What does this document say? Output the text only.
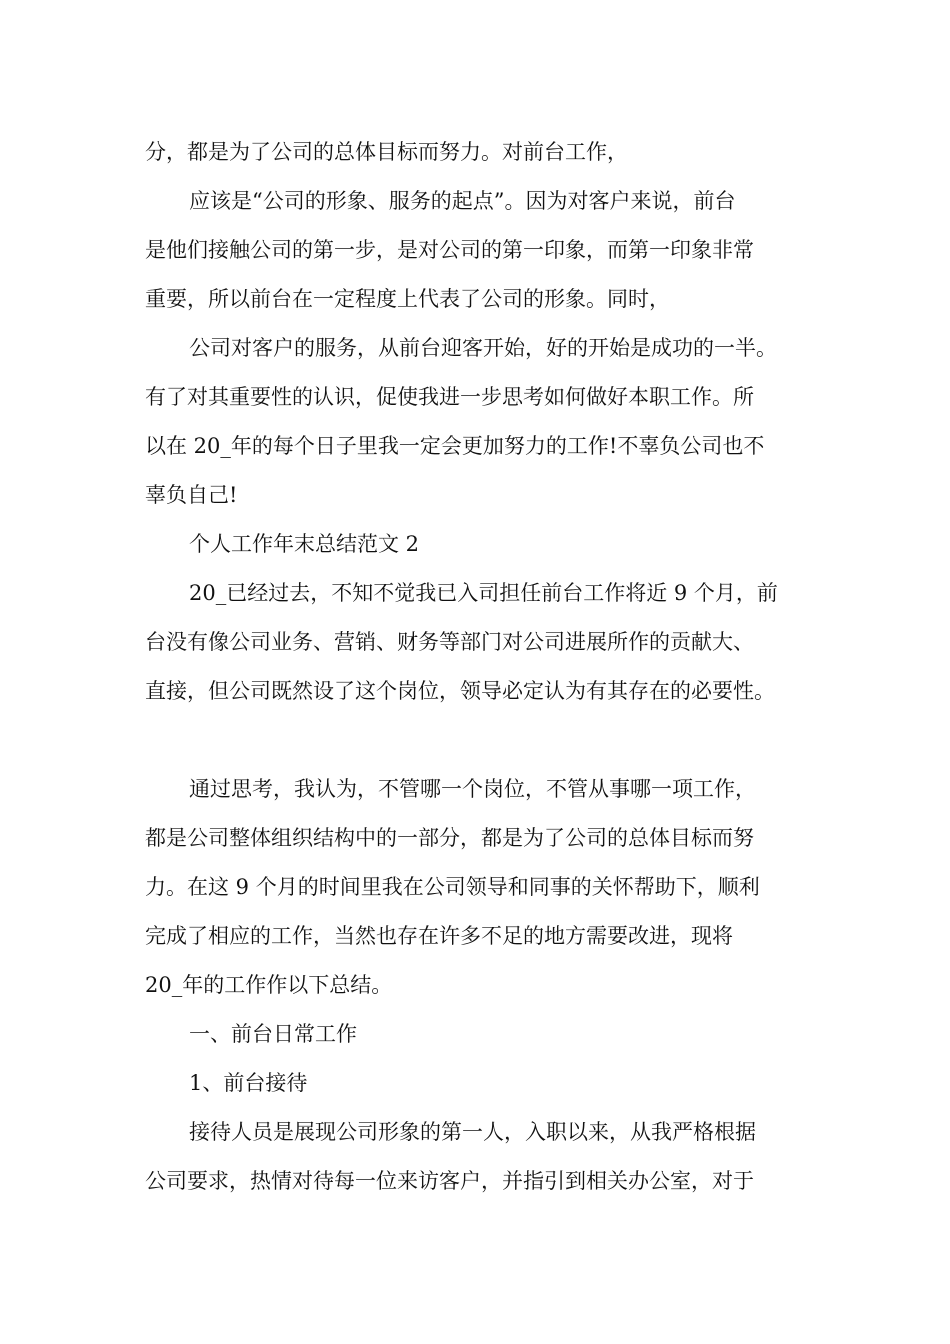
分，都是为了公司的总体目标而努力。对前台工作，
应该是“公司的形象、服务的起点”。因为对客户来说，前台
是他们接触公司的第一步，是对公司的第一印象，而第一印象非常
重要，所以前台在一定程度上代表了公司的形象。同时，
公司对客户的服务，从前台迎客开始，好的开始是成功的一半。
有了对其重要性的认识，促使我进一步思考如何做好本职工作。所
以在 20_年的每个日子里我一定会更加努力的工作!不辜负公司也不
辜负自己!
个人工作年末总结范文 2
20_已经过去，不知不觉我已入司担任前台工作将近 9 个月，前
台没有像公司业务、营销、财务等部门对公司进展所作的贡献大、
直接，但公司既然设了这个岗位，领导必定认为有其存在的必要性。
通过思考，我认为，不管哪一个岗位，不管从事哪一项工作，
都是公司整体组织结构中的一部分，都是为了公司的总体目标而努
力。在这 9 个月的时间里我在公司领导和同事的关怀帮助下，顺利
完成了相应的工作，当然也存在许多不足的地方需要改进，现将
20_年的工作作以下总结。
一、前台日常工作
1、前台接待
接待人员是展现公司形象的第一人，入职以来，从我严格根据
公司要求，热情对待每一位来访客户，并指引到相关办公室，对于
